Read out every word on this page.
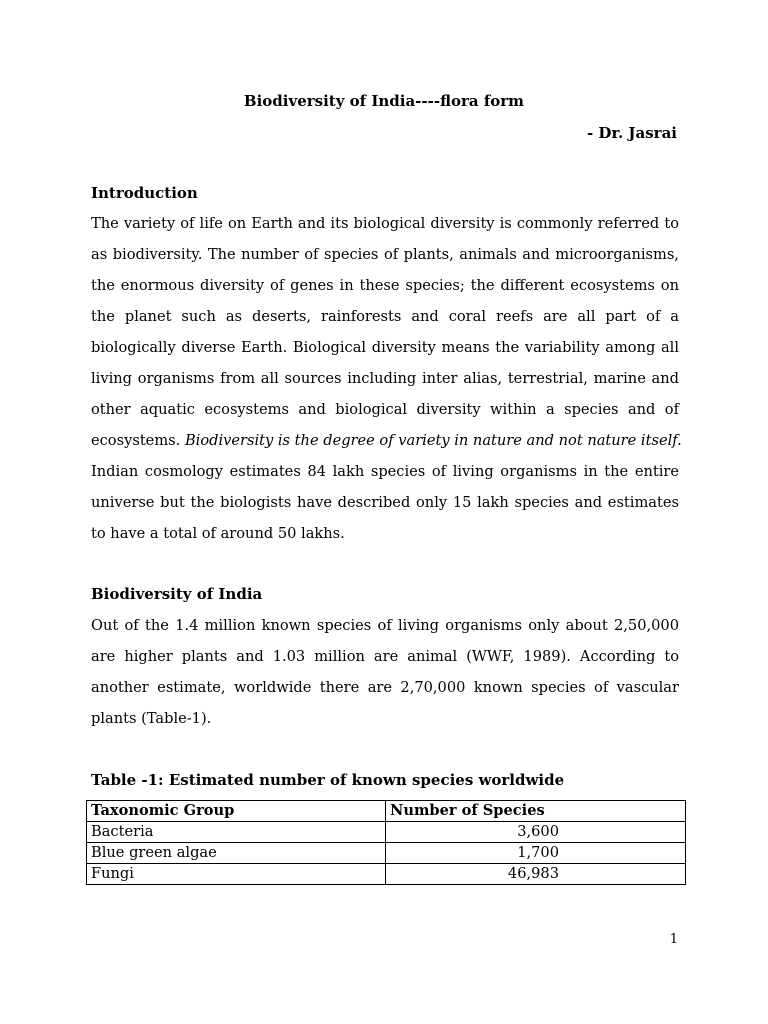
Biodiversity of India----flora form
- Dr. Jasrai
Introduction
The variety of life on Earth and its biological diversity is commonly referred to
as biodiversity. The number of species of plants, animals and microorganisms,
the enormous diversity of genes in these species; the different ecosystems on
the planet such as deserts, rainforests and coral reefs are all part of a
biologically diverse Earth. Biological diversity means the variability among all
living organisms from all sources including inter alias, terrestrial, marine and
other aquatic ecosystems and biological diversity within a species and of
ecosystems. Biodiversity is the degree of variety in nature and not nature itself.
Indian cosmology estimates 84 lakh species of living organisms in the entire
universe but the biologists have described only 15 lakh species and estimates
to have a total of around 50 lakhs.
Biodiversity of India
Out of the 1.4 million known species of living organisms only about 2,50,000
are higher plants and 1.03 million are animal (WWF, 1989). According to
another estimate, worldwide there are 2,70,000 known species of vascular
plants (Table-1).
Table -1: Estimated number of known species worldwide
Taxonomic Group	Number of Species
Bacteria	3,600
Blue green algae	1,700
Fungi	46,983
1
